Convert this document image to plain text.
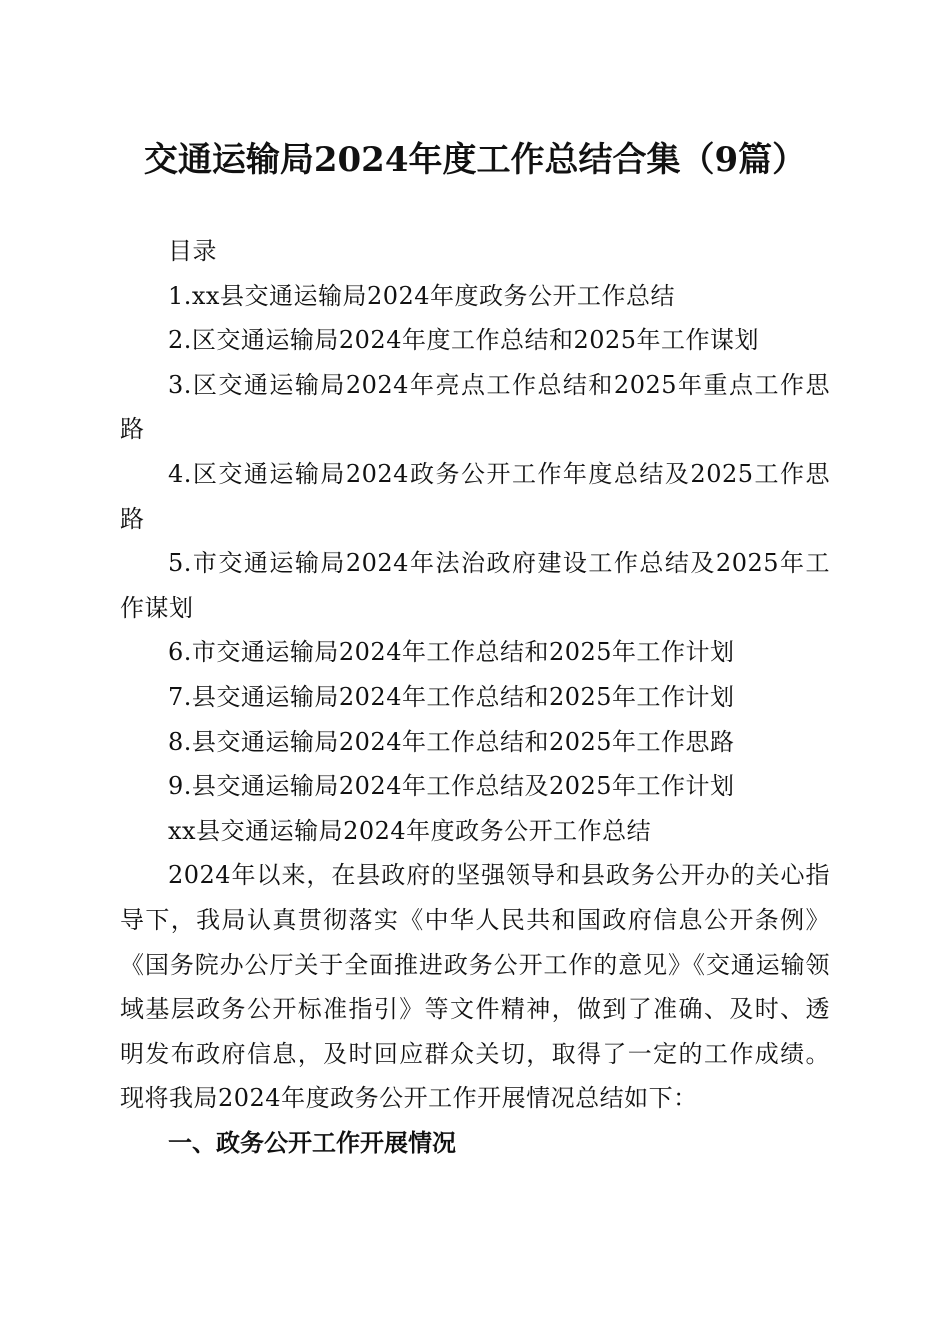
交通运输局2024年度工作总结合集（9篇）

目录

1.xx县交通运输局2024年度政务公开工作总结

2.区交通运输局2024年度工作总结和2025年工作谋划

3.区交通运输局2024年亮点工作总结和2025年重点工作思路

4.区交通运输局2024政务公开工作年度总结及2025工作思路

5.市交通运输局2024年法治政府建设工作总结及2025年工作谋划

6.市交通运输局2024年工作总结和2025年工作计划

7.县交通运输局2024年工作总结和2025年工作计划

8.县交通运输局2024年工作总结和2025年工作思路

9.县交通运输局2024年工作总结及2025年工作计划

xx县交通运输局2024年度政务公开工作总结

2024年以来，在县政府的坚强领导和县政务公开办的关心指导下，我局认真贯彻落实《中华人民共和国政府信息公开条例》《国务院办公厅关于全面推进政务公开工作的意见》《交通运输领域基层政务公开标准指引》等文件精神，做到了准确、及时、透明发布政府信息，及时回应群众关切，取得了一定的工作成绩。现将我局2024年度政务公开工作开展情况总结如下：

一、政务公开工作开展情况
